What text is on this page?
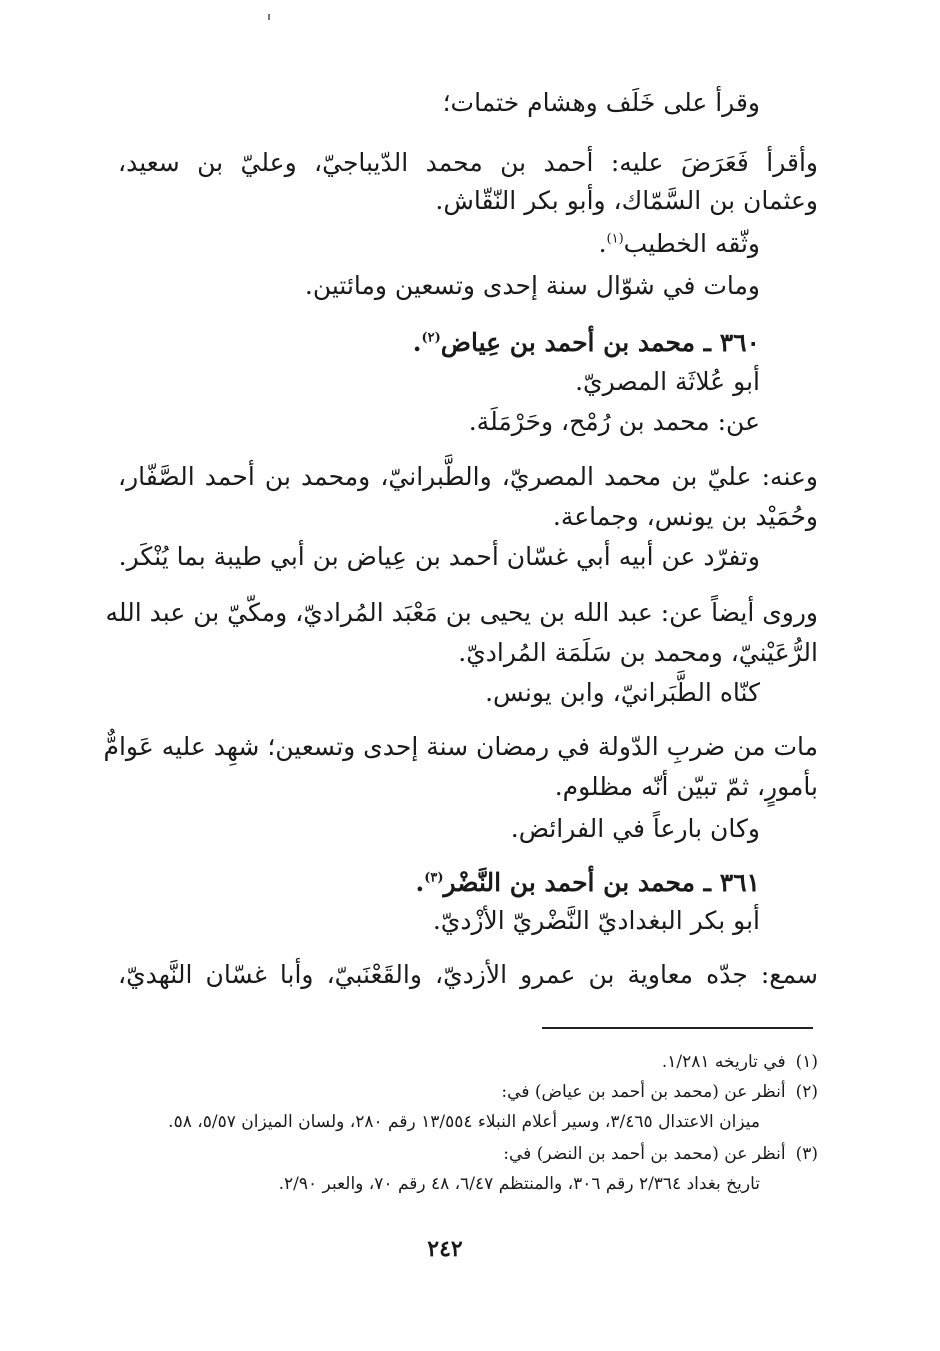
وقرأ على خَلَف وهشام ختمات؛
وأقرأ فَعَرَضَ عليه: أحمد بن محمد الدّيباجيّ، وعليّ بن سعيد،
وعثمان بن السَّمّاك، وأبو بكر النّقّاش.
وثّقه الخطيب$^{(١)}$.
ومات في شوّال سنة إحدى وتسعين ومائتين.
٣٦٠ ـ محمد بن أحمد بن عِياض$^{(٢)}$.
أبو عُلاثَة المصريّ.
عن: محمد بن رُمْح، وحَرْمَلَة.
وعنه: عليّ بن محمد المصريّ، والطَّبرانيّ، ومحمد بن أحمد الصَّفّار،
وحُمَيْد بن يونس، وجماعة.
وتفرّد عن أبيه أبي غسّان أحمد بن عِياض بن أبي طيبة بما يُنْكَر.
وروى أيضاً عن: عبد الله بن يحيى بن مَعْبَد المُراديّ، ومكّيّ بن عبد الله
الرُّعَيْنيّ، ومحمد بن سَلَمَة المُراديّ.
كنّاه الطَّبَرانيّ، وابن يونس.
مات من ضربِ الدّولة في رمضان سنة إحدى وتسعين؛ شهِد عليه عَوامٌّ
بأمورٍ، ثمّ تبيّن أنّه مظلوم.
وكان بارعاً في الفرائض.
٣٦١ ـ محمد بن أحمد بن النَّضْر$^{(٣)}$.
أبو بكر البغداديّ النَّضْريّ الأزْديّ.
سمع: جدّه معاوية بن عمرو الأزديّ، والقَعْنَبيّ، وأبا غسّان النَّهديّ،
(١)في تاريخه ١/٢٨١.
(٢)أنظر عن (محمد بن أحمد بن عياض) في:
ميزان الاعتدال ٣/٤٦٥، وسير أعلام النبلاء ١٣/٥٥٤ رقم ٢٨٠، ولسان الميزان ٥/٥٧، ٥٨.
(٣)أنظر عن (محمد بن أحمد بن النضر) في:
تاريخ بغداد ٢/٣٦٤ رقم ٣٠٦، والمنتظم ٦/٤٧، ٤٨ رقم ٧٠، والعبر ٢/٩٠.
٢٤٢
